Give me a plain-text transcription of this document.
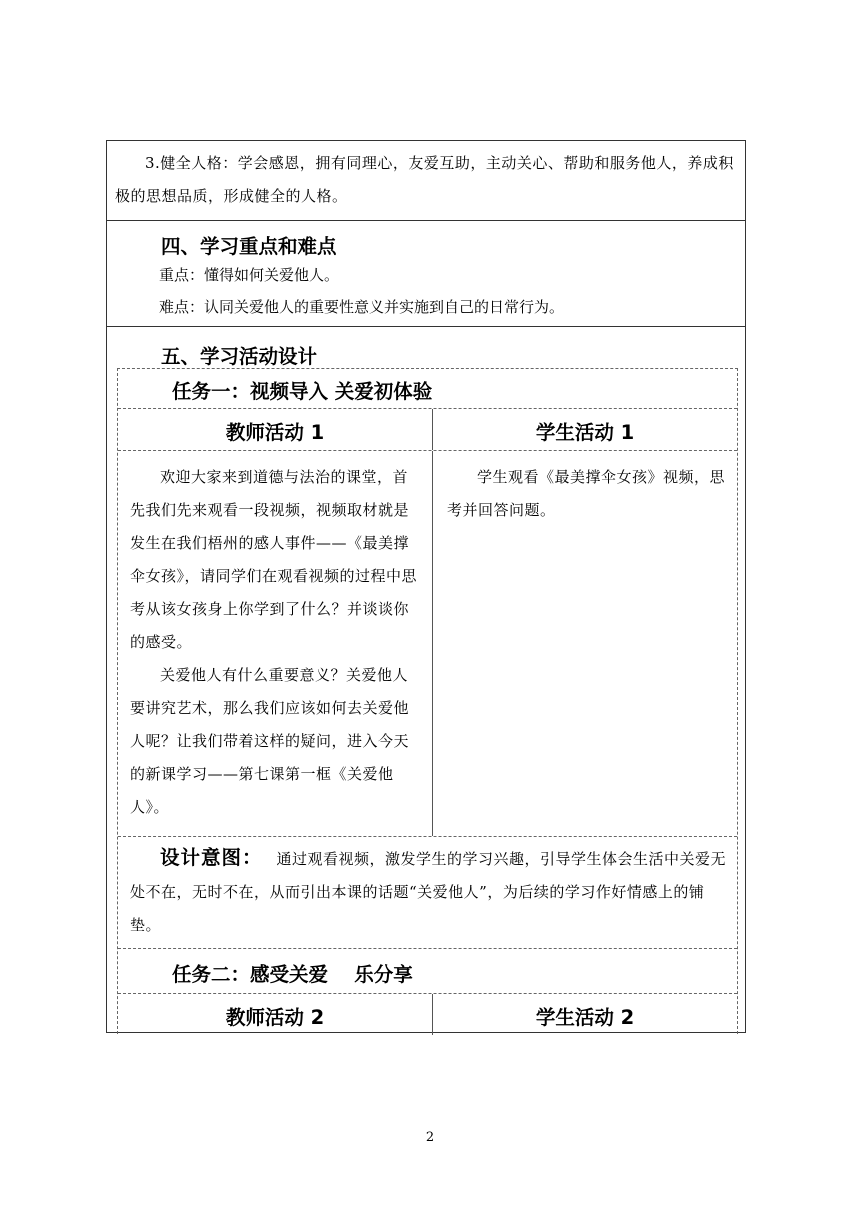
3.健全人格：学会感恩，拥有同理心，友爱互助，主动关心、帮助和服务他人，养成积极的思想品质，形成健全的人格。

四、学习重点和难点
重点：懂得如何关爱他人。
难点：认同关爱他人的重要性意义并实施到自己的日常行为。
五、学习活动设计
任务一：视频导入 关爱初体验
教师活动 1	学生活动 1

欢迎大家来到道德与法治的课堂，首先我们先来观看一段视频，视频取材就是发生在我们梧州的感人事件——《最美撑伞女孩》，请同学们在观看视频的过程中思考从该女孩身上你学到了什么？并谈谈你的感受。

关爱他人有什么重要意义？关爱他人要讲究艺术，那么我们应该如何去关爱他人呢？让我们带着这样的疑问，进入今天的新课学习——第七课第一框《关爱他人》。

学生观看《最美撑伞女孩》视频，思考并回答问题。

设计意图： 通过观看视频，激发学生的学习兴趣，引导学生体会生活中关爱无处不在，无时不在，从而引出本课的话题“关爱他人”，为后续的学习作好情感上的铺垫。

任务二：感受关爱　 乐分享
教师活动 2	学生活动 2
2
